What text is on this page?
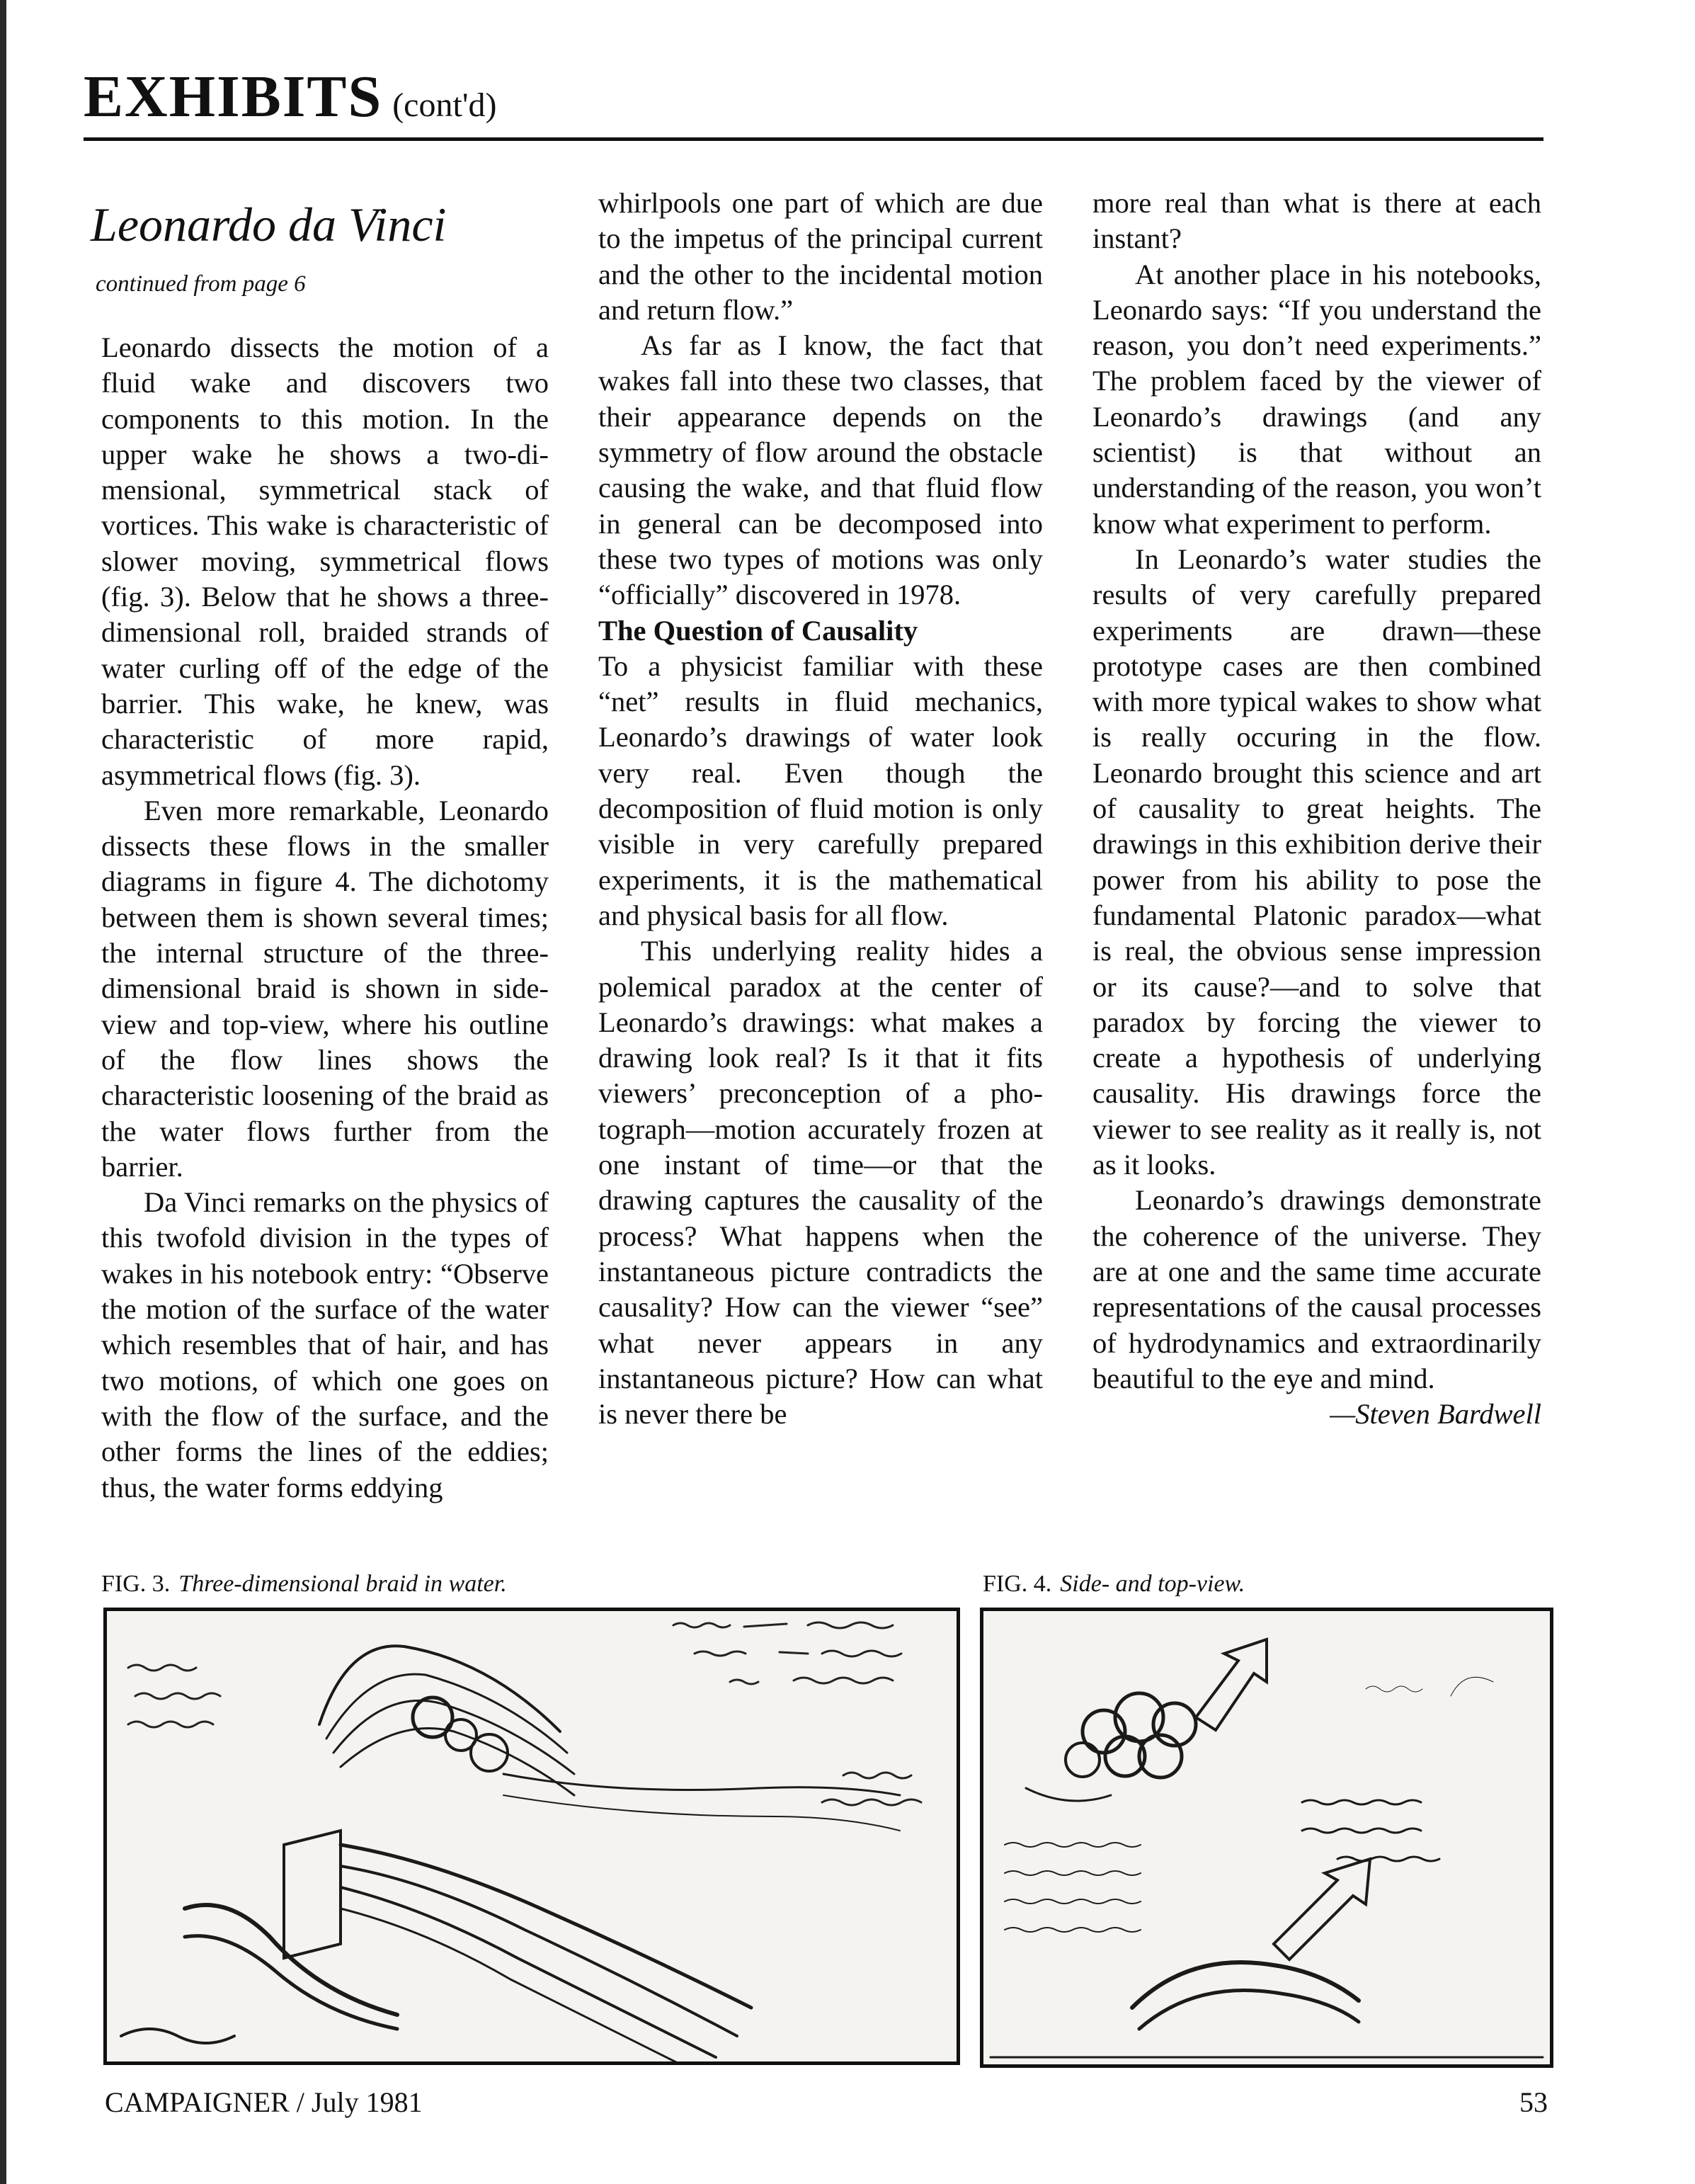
EXHIBITS (cont'd)
Leonardo da Vinci
continued from page 6

Leonardo dissects the motion of a fluid wake and discovers two components to this motion. In the upper wake he shows a two-dimensional, symmetrical stack of vortices. This wake is characteristic of slower moving, symmetrical flows (fig. 3). Below that he shows a three-dimensional roll, braided strands of water curling off of the edge of the barrier. This wake, he knew, was characteristic of more rapid, asymmetrical flows (fig. 3).

Even more remarkable, Leonardo dissects these flows in the smaller diagrams in figure 4. The dichotomy between them is shown several times; the internal structure of the three-dimensional braid is shown in side-view and top-view, where his outline of the flow lines shows the characteristic loosening of the braid as the water flows further from the barrier.

Da Vinci remarks on the physics of this twofold division in the types of wakes in his notebook entry: “Observe the motion of the surface of the water which resembles that of hair, and has two motions, of which one goes on with the flow of the surface, and the other forms the lines of the eddies; thus, the water forms eddying

whirlpools one part of which are due to the impetus of the principal current and the other to the incidental motion and return flow.”

As far as I know, the fact that wakes fall into these two classes, that their appearance depends on the symmetry of flow around the obstacle causing the wake, and that fluid flow in general can be decomposed into these two types of motions was only “officially” discovered in 1978.

The Question of Causality

To a physicist familiar with these “net” results in fluid mechanics, Leonardo’s drawings of water look very real. Even though the decomposition of fluid motion is only visible in very carefully prepared experiments, it is the mathematical and physical basis for all flow.

This underlying reality hides a polemical paradox at the center of Leonardo’s drawings: what makes a drawing look real? Is it that it fits viewers’ preconception of a photograph—motion accurately frozen at one instant of time—or that the drawing captures the causality of the process? What happens when the instantaneous picture contradicts the causality? How can the viewer “see” what never appears in any instantaneous picture? How can what is never there be

more real than what is there at each instant?

At another place in his notebooks, Leonardo says: “If you understand the reason, you don’t need experiments.” The problem faced by the viewer of Leonardo’s drawings (and any scientist) is that without an understanding of the reason, you won’t know what experiment to perform.

In Leonardo’s water studies the results of very carefully prepared experiments are drawn—these prototype cases are then combined with more typical wakes to show what is really occuring in the flow. Leonardo brought this science and art of causality to great heights. The drawings in this exhibition derive their power from his ability to pose the fundamental Platonic paradox—what is real, the obvious sense impression or its cause?—and to solve that paradox by forcing the viewer to create a hypothesis of underlying causality. His drawings force the viewer to see reality as it really is, not as it looks.

Leonardo’s drawings demonstrate the coherence of the universe. They are at one and the same time accurate representations of the causal processes of hydrodynamics and extraordinarily beautiful to the eye and mind.

—Steven Bardwell

FIG. 3. Three-dimensional braid in water.	FIG. 4. Side- and top-view.
CAMPAIGNER / July 1981	53
